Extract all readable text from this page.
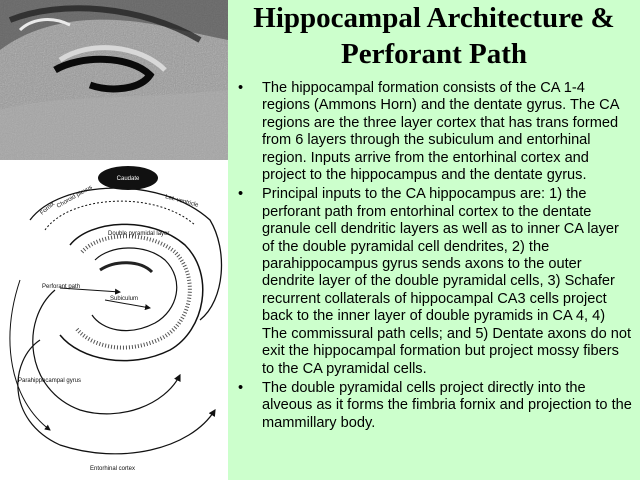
Caudate
Fornix Choroid plexus	Lat. ventricle
Double pyramidal layer
Perforant path
Subiculum
Parahippocampal gyrus
Entorhinal cortex
Hippocampal Architecture &
Perforant Path
• The hippocampal formation consists of the CA 1-4 regions (Ammons Horn) and the dentate gyrus. The CA regions are the three layer cortex that has trans formed from 6 layers through the subiculum and entorhinal region. Inputs arrive from the entorhinal cortex and project to the hippocampus and the dentate gyrus.
• Principal inputs to the CA hippocampus are: 1) the perforant path from entorhinal cortex to the dentate granule cell dendritic layers as well as to inner CA layer of the double pyramidal cell dendrites, 2) the parahippocampus gyrus sends axons to the outer dendrite layer of the double pyramidal cells, 3) Schafer recurrent collaterals of hippocampal CA3 cells project back to the inner layer of double pyramids in CA 4, 4) The commissural path cells; and 5) Dentate axons do not exit the hippocampal formation but project mossy fibers to the CA pyramidal cells.
• The double pyramidal cells project directly into the alveous as it forms the fimbria fornix and projection to the mammillary body.
